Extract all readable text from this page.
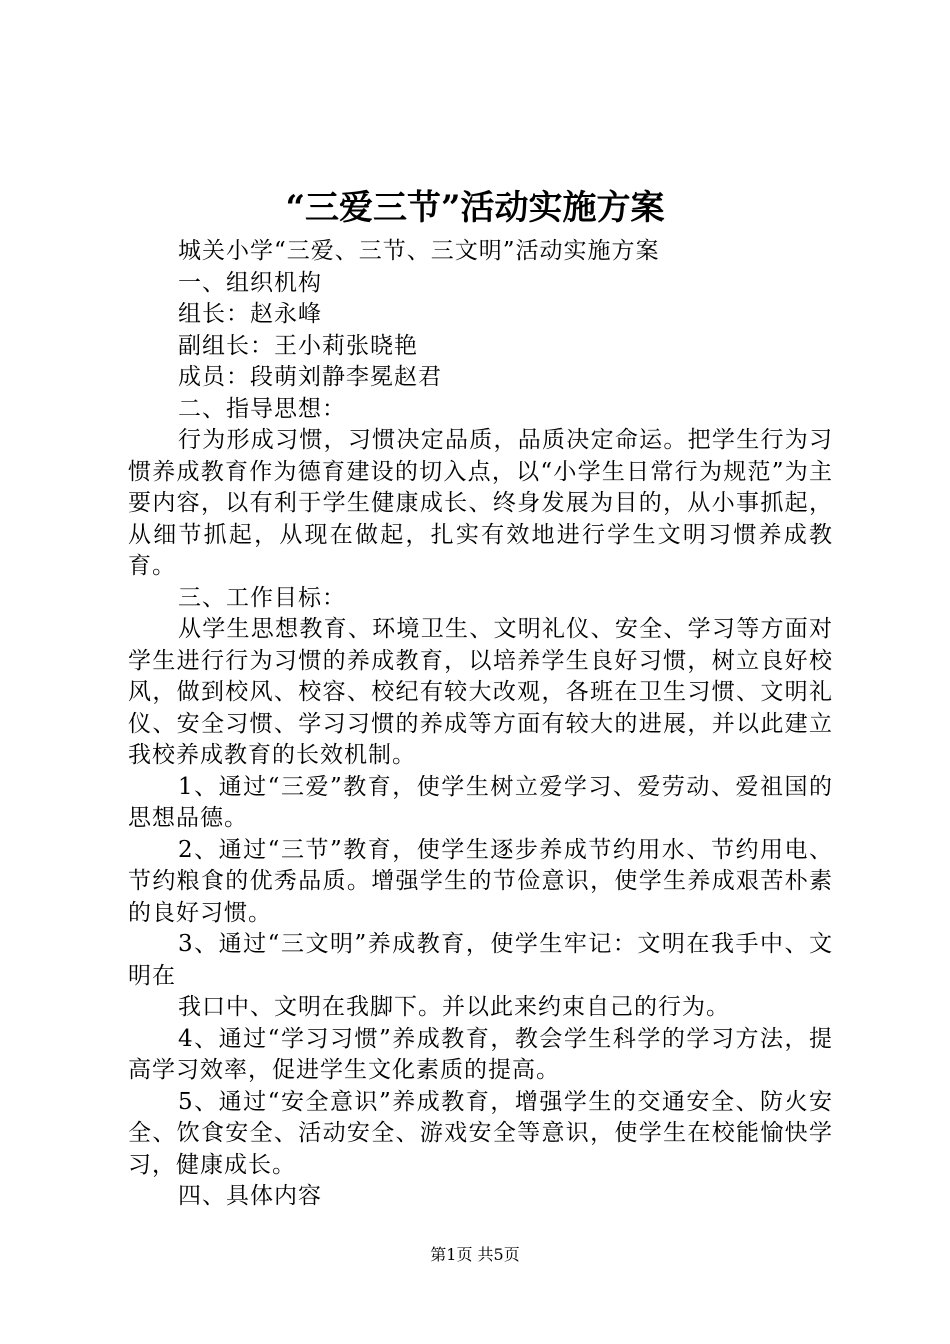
“三爱三节”活动实施方案

城关小学“三爱、三节、三文明”活动实施方案

一、组织机构

组长：赵永峰

副组长：王小莉张晓艳

成员：段萌刘静李冕赵君

二、指导思想：

行为形成习惯，习惯决定品质，品质决定命运。把学生行为习惯养成教育作为德育建设的切入点，以“小学生日常行为规范”为主要内容，以有利于学生健康成长、终身发展为目的，从小事抓起，从细节抓起，从现在做起，扎实有效地进行学生文明习惯养成教育。

三、工作目标：

从学生思想教育、环境卫生、文明礼仪、安全、学习等方面对学生进行行为习惯的养成教育，以培养学生良好习惯，树立良好校风，做到校风、校容、校纪有较大改观，各班在卫生习惯、文明礼仪、安全习惯、学习习惯的养成等方面有较大的进展，并以此建立我校养成教育的长效机制。

1、通过“三爱”教育，使学生树立爱学习、爱劳动、爱祖国的思想品德。

2、通过“三节”教育，使学生逐步养成节约用水、节约用电、节约粮食的优秀品质。增强学生的节俭意识，使学生养成艰苦朴素的良好习惯。

3、通过“三文明”养成教育，使学生牢记：文明在我手中、文明在

我口中、文明在我脚下。并以此来约束自己的行为。

4、通过“学习习惯”养成教育，教会学生科学的学习方法，提高学习效率，促进学生文化素质的提高。

5、通过“安全意识”养成教育，增强学生的交通安全、防火安全、饮食安全、活动安全、游戏安全等意识，使学生在校能愉快学习，健康成长。

四、具体内容

第1页 共5页
